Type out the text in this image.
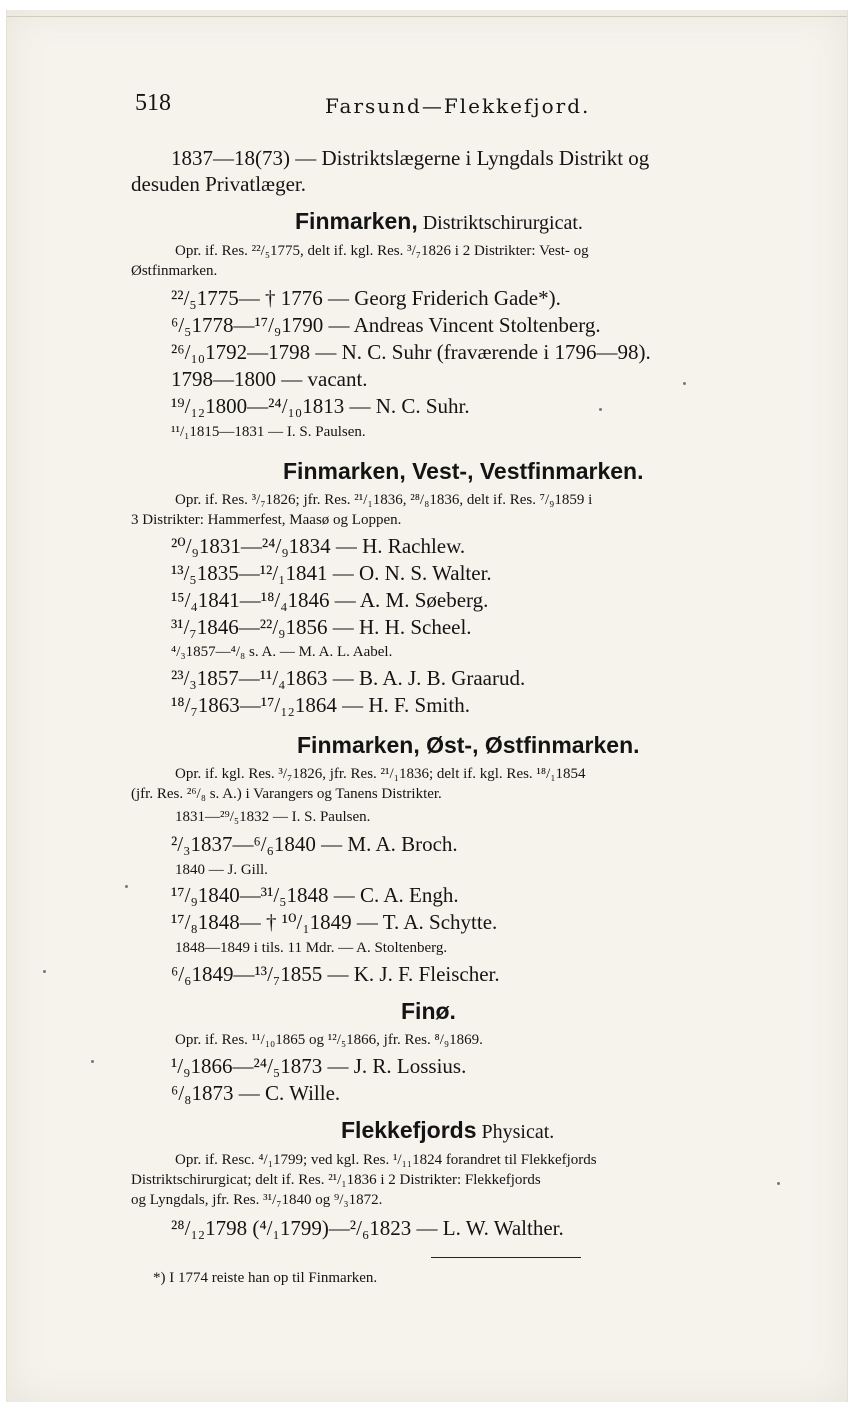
518	Farsund—Flekkefjord.
1837—18(73) — Distriktslægerne i Lyngdals Distrikt og
desuden Privatlæger.
Finmarken, Distriktschirurgicat.
Opr. if. Res. ²²/₅1775, delt if. kgl. Res. ³/₇1826 i 2 Distrikter: Vest- og
Østfinmarken.
²²/₅1775— † 1776 — Georg Friderich Gade*).
⁶/₅1778—¹⁷/₉1790 — Andreas Vincent Stoltenberg.
²⁶/₁₀1792—1798 — N. C. Suhr (fraværende i 1796—98).
1798—1800 — vacant.
¹⁹/₁₂1800—²⁴/₁₀1813 — N. C. Suhr.
¹¹/₁1815—1831 — I. S. Paulsen.
Finmarken, Vest-, Vestfinmarken.
Opr. if. Res. ³/₇1826; jfr. Res. ²¹/₁1836, ²⁸/₈1836, delt if. Res. ⁷/₉1859 i
3 Distrikter: Hammerfest, Maasø og Loppen.
²⁰/₉1831—²⁴/₉1834 — H. Rachlew.
¹³/₅1835—¹²/₁1841 — O. N. S. Walter.
¹⁵/₄1841—¹⁸/₄1846 — A. M. Søeberg.
³¹/₇1846—²²/₉1856 — H. H. Scheel.
⁴/₃1857—⁴/₈ s. A. — M. A. L. Aabel.
²³/₃1857—¹¹/₄1863 — B. A. J. B. Graarud.
¹⁸/₇1863—¹⁷/₁₂1864 — H. F. Smith.
Finmarken, Øst-, Østfinmarken.
Opr. if. kgl. Res. ³/₇1826, jfr. Res. ²¹/₁1836; delt if. kgl. Res. ¹⁸/₁1854
(jfr. Res. ²⁶/₈ s. A.) i Varangers og Tanens Distrikter.
1831—²⁹/₅1832 — I. S. Paulsen.
²/₃1837—⁶/₆1840 — M. A. Broch.
1840 — J. Gill.
¹⁷/₉1840—³¹/₅1848 — C. A. Engh.
¹⁷/₈1848— † ¹⁰/₁1849 — T. A. Schytte.
1848—1849 i tils. 11 Mdr. — A. Stoltenberg.
⁶/₆1849—¹³/₇1855 — K. J. F. Fleischer.
Finø.
Opr. if. Res. ¹¹/₁₀1865 og ¹²/₅1866, jfr. Res. ⁸/₉1869.
¹/₉1866—²⁴/₅1873 — J. R. Lossius.
⁶/₈1873 — C. Wille.
Flekkefjords Physicat.
Opr. if. Resc. ⁴/₁1799; ved kgl. Res. ¹/₁₁1824 forandret til Flekkefjords
Distriktschirurgicat; delt if. Res. ²¹/₁1836 i 2 Distrikter: Flekkefjords
og Lyngdals, jfr. Res. ³¹/₇1840 og ⁹/₃1872.
²⁸/₁₂1798 (⁴/₁1799)—²/₆1823 — L. W. Walther.
*) I 1774 reiste han op til Finmarken.
